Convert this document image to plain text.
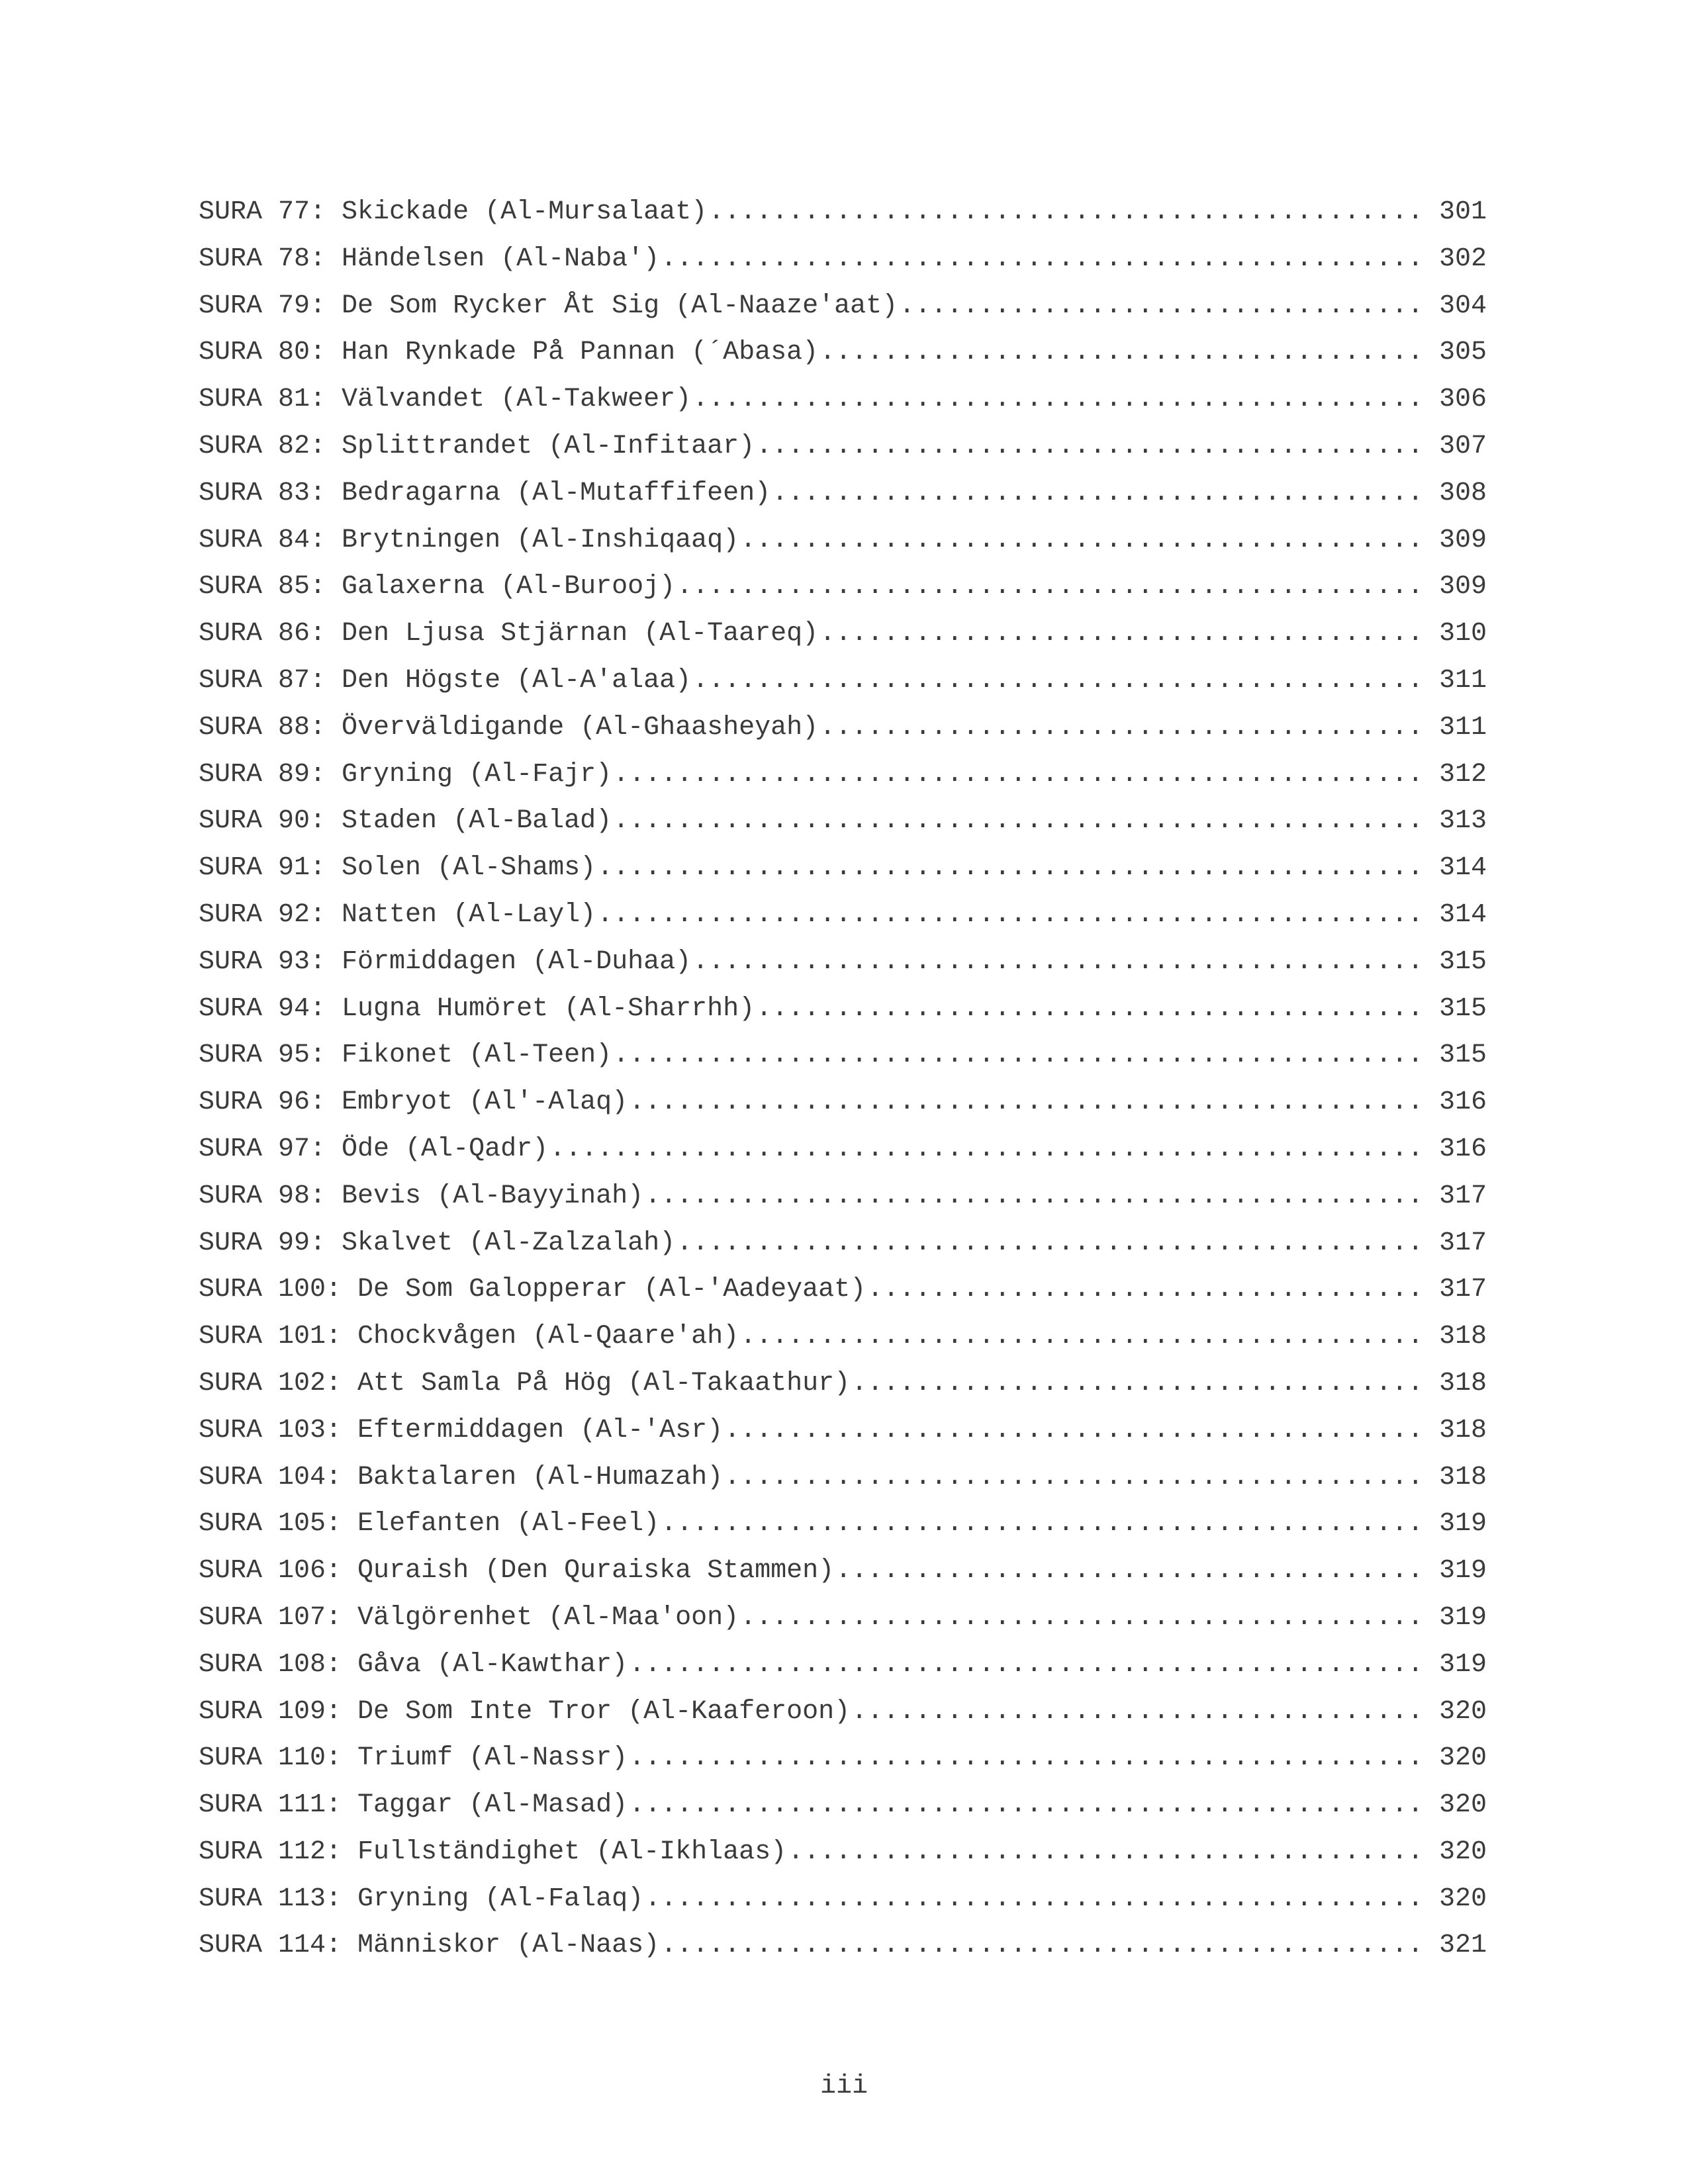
SURA 77: Skickade (Al-Mursalaat) .....	301
SURA 78: Händelsen (Al-Naba') .....	302
SURA 79: De Som Rycker Åt Sig (Al-Naaze'aat) .....	304
SURA 80: Han Rynkade På Pannan (´Abasa) .....	305
SURA 81: Välvandet (Al-Takweer) .....	306
SURA 82: Splittrandet (Al-Infitaar) .....	307
SURA 83: Bedragarna (Al-Mutaffifeen) .....	308
SURA 84: Brytningen (Al-Inshiqaaq) .....	309
SURA 85: Galaxerna (Al-Burooj) .....	309
SURA 86: Den Ljusa Stjärnan (Al-Taareq) .....	310
SURA 87: Den Högste (Al-A'alaa) .....	311
SURA 88: Överväldigande (Al-Ghaasheyah) .....	311
SURA 89: Gryning (Al-Fajr) .....	312
SURA 90: Staden (Al-Balad) .....	313
SURA 91: Solen (Al-Shams) .....	314
SURA 92: Natten (Al-Layl) .....	314
SURA 93: Förmiddagen (Al-Duhaa) .....	315
SURA 94: Lugna Humöret (Al-Sharrhh) .....	315
SURA 95: Fikonet (Al-Teen) .....	315
SURA 96: Embryot (Al'-Alaq) .....	316
SURA 97: Öde (Al-Qadr) .....	316
SURA 98: Bevis (Al-Bayyinah) .....	317
SURA 99: Skalvet (Al-Zalzalah) .....	317
SURA 100: De Som Galopperar (Al-'Aadeyaat) .....	317
SURA 101: Chockvågen (Al-Qaare'ah) .....	318
SURA 102: Att Samla På Hög (Al-Takaathur) .....	318
SURA 103: Eftermiddagen (Al-'Asr) .....	318
SURA 104: Baktalaren (Al-Humazah) .....	318
SURA 105: Elefanten (Al-Feel) .....	319
SURA 106: Quraish (Den Quraiska Stammen) .....	319
SURA 107: Välgörenhet (Al-Maa'oon) .....	319
SURA 108: Gåva (Al-Kawthar) .....	319
SURA 109: De Som Inte Tror (Al-Kaaferoon) .....	320
SURA 110: Triumf (Al-Nassr) .....	320
SURA 111: Taggar (Al-Masad) .....	320
SURA 112: Fullständighet (Al-Ikhlaas) .....	320
SURA 113: Gryning (Al-Falaq) .....	320
SURA 114: Människor (Al-Naas) .....	321
iii
